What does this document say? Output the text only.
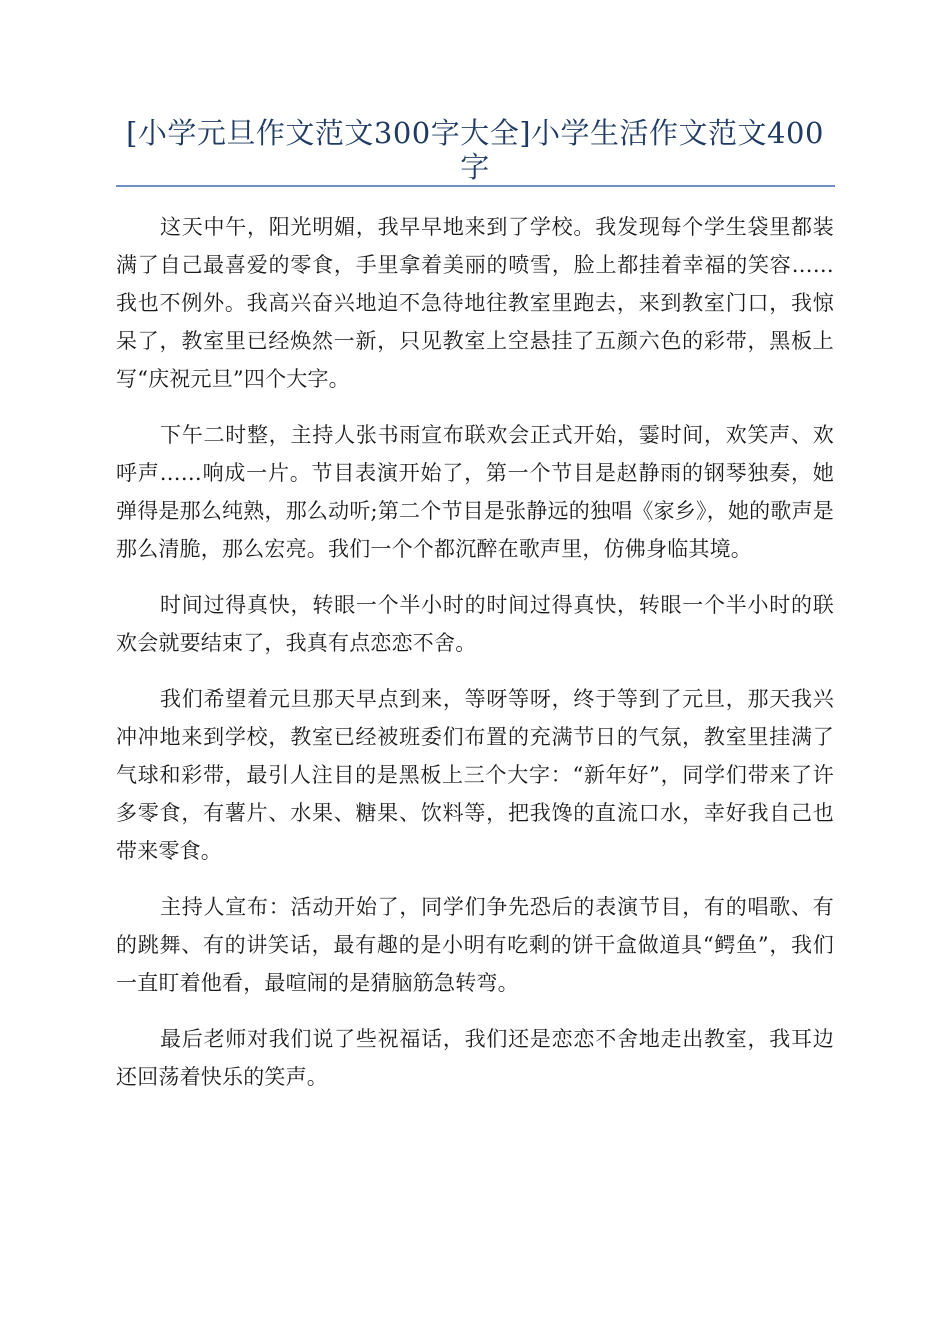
[小学元旦作文范文300字大全]小学生活作文范文400字

这天中午，阳光明媚，我早早地来到了学校。我发现每个学生袋里都装满了自己最喜爱的零食，手里拿着美丽的喷雪，脸上都挂着幸福的笑容……我也不例外。我高兴奋兴地迫不急待地往教室里跑去，来到教室门口，我惊呆了，教室里已经焕然一新，只见教室上空悬挂了五颜六色的彩带，黑板上写“庆祝元旦”四个大字。

下午二时整，主持人张书雨宣布联欢会正式开始，霎时间，欢笑声、欢呼声……响成一片。节目表演开始了，第一个节目是赵静雨的钢琴独奏，她弹得是那么纯熟，那么动听;第二个节目是张静远的独唱《家乡》，她的歌声是那么清脆，那么宏亮。我们一个个都沉醉在歌声里，仿佛身临其境。

时间过得真快，转眼一个半小时的时间过得真快，转眼一个半小时的联欢会就要结束了，我真有点恋恋不舍。

我们希望着元旦那天早点到来，等呀等呀，终于等到了元旦，那天我兴冲冲地来到学校，教室已经被班委们布置的充满节日的气氛，教室里挂满了气球和彩带，最引人注目的是黑板上三个大字：“新年好”，同学们带来了许多零食，有薯片、水果、糖果、饮料等，把我馋的直流口水，幸好我自己也带来零食。

主持人宣布：活动开始了，同学们争先恐后的表演节目，有的唱歌、有的跳舞、有的讲笑话，最有趣的是小明有吃剩的饼干盒做道具“鳄鱼”，我们一直盯着他看，最喧闹的是猜脑筋急转弯。

最后老师对我们说了些祝福话，我们还是恋恋不舍地走出教室，我耳边还回荡着快乐的笑声。
